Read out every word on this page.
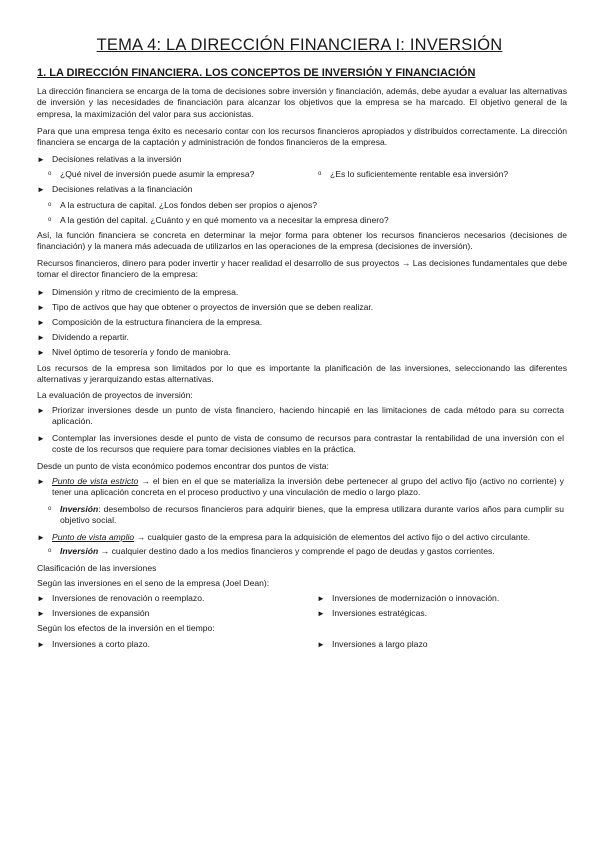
TEMA 4: LA DIRECCIÓN FINANCIERA I: INVERSIÓN
1. LA DIRECCIÓN FINANCIERA. LOS CONCEPTOS DE INVERSIÓN Y FINANCIACIÓN
La dirección financiera se encarga de la toma de decisiones sobre inversión y financiación, además, debe ayudar a evaluar las alternativas de inversión y las necesidades de financiación para alcanzar los objetivos que la empresa se ha marcado. El objetivo general de la empresa, la maximización del valor para sus accionistas.
Para que una empresa tenga éxito es necesario contar con los recursos financieros apropiados y distribuidos correctamente. La dirección financiera se encarga de la captación y administración de fondos financieros de la empresa.
► Decisiones relativas a la inversión
o ¿Qué nivel de inversión puede asumir la empresa?	o ¿Es lo suficientemente rentable esa inversión?
► Decisiones relativas a la financiación
o A la estructura de capital. ¿Los fondos deben ser propios o ajenos?
o A la gestión del capital. ¿Cuánto y en qué momento va a necesitar la empresa dinero?
Así, la función financiera se concreta en determinar la mejor forma para obtener los recursos financieros necesarios (decisiones de financiación) y la manera más adecuada de utilizarlos en las operaciones de la empresa (decisiones de inversión).
Recursos financieros, dinero para poder invertir y hacer realidad el desarrollo de sus proyectos → Las decisiones fundamentales que debe tomar el director financiero de la empresa:
► Dimensión y ritmo de crecimiento de la empresa.
► Tipo de activos que hay que obtener o proyectos de inversión que se deben realizar.
► Composición de la estructura financiera de la empresa.
► Dividendo a repartir.
► Nivel óptimo de tesorería y fondo de maniobra.
Los recursos de la empresa son limitados por lo que es importante la planificación de las inversiones, seleccionando las diferentes alternativas y jerarquizando estas alternativas.
La evaluación de proyectos de inversión:
► Priorizar inversiones desde un punto de vista financiero, haciendo hincapié en las limitaciones de cada método para su correcta aplicación.
► Contemplar las inversiones desde el punto de vista de consumo de recursos para contrastar la rentabilidad de una inversión con el coste de los recursos que requiere para tomar decisiones viables en la práctica.
Desde un punto de vista económico podemos encontrar dos puntos de vista:
► Punto de vista estricto → el bien en el que se materializa la inversión debe pertenecer al grupo del activo fijo (activo no corriente) y tener una aplicación concreta en el proceso productivo y una vinculación de medio o largo plazo.
o Inversión: desembolso de recursos financieros para adquirir bienes, que la empresa utilizara durante varios años para cumplir su objetivo social.
► Punto de vista amplio → cualquier gasto de la empresa para la adquisición de elementos del activo fijo o del activo circulante.
o Inversión → cualquier destino dado a los medios financieros y comprende el pago de deudas y gastos corrientes.
Clasificación de las inversiones
Según las inversiones en el seno de la empresa (Joel Dean):
► Inversiones de renovación o reemplazo.	► Inversiones de modernización o innovación.
► Inversiones de expansión	► Inversiones estratégicas.
Según los efectos de la inversión en el tiempo:
► Inversiones a corto plazo.	► Inversiones a largo plazo
